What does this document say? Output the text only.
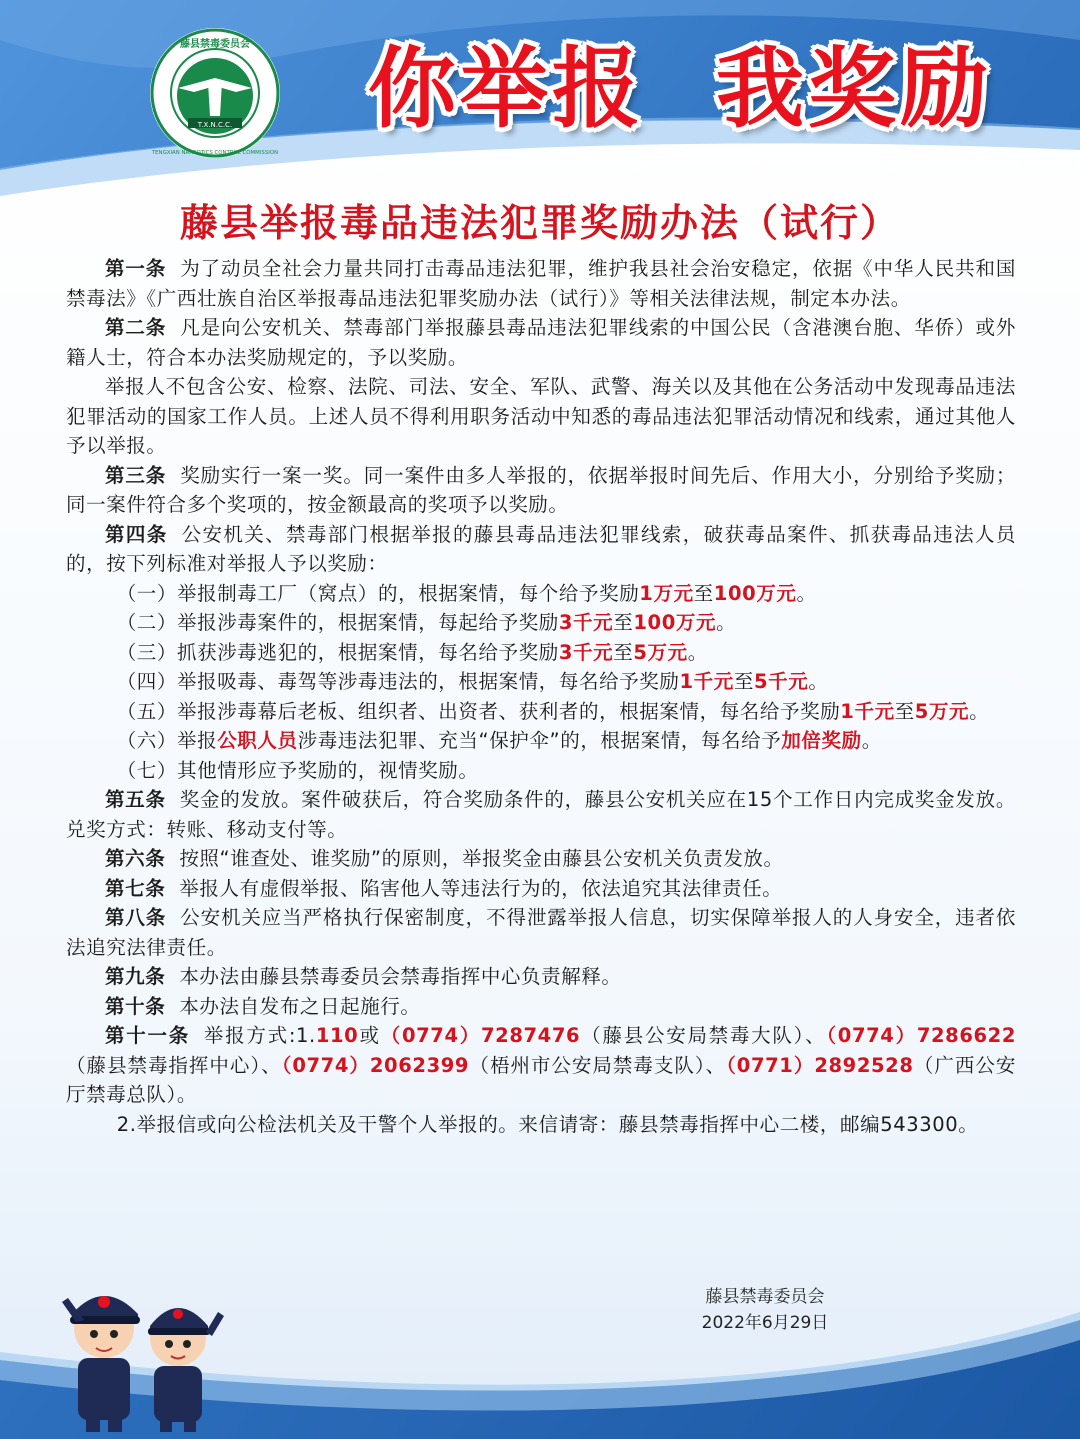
T.X.N.C.C.
藤县禁毒委员会
TENGXIAN NARCOTICS CONTROL COMMISSION
你举报 我奖励
藤县举报毒品违法犯罪奖励办法（试行）

第一条 为了动员全社会力量共同打击毒品违法犯罪，维护我县社会治安稳定，依据《中华人民共和国禁毒法》《广西壮族自治区举报毒品违法犯罪奖励办法（试行）》等相关法律法规，制定本办法。

第二条 凡是向公安机关、禁毒部门举报藤县毒品违法犯罪线索的中国公民（含港澳台胞、华侨）或外籍人士，符合本办法奖励规定的，予以奖励。

举报人不包含公安、检察、法院、司法、安全、军队、武警、海关以及其他在公务活动中发现毒品违法犯罪活动的国家工作人员。上述人员不得利用职务活动中知悉的毒品违法犯罪活动情况和线索，通过其他人予以举报。

第三条 奖励实行一案一奖。同一案件由多人举报的，依据举报时间先后、作用大小，分别给予奖励；同一案件符合多个奖项的，按金额最高的奖项予以奖励。

第四条 公安机关、禁毒部门根据举报的藤县毒品违法犯罪线索，破获毒品案件、抓获毒品违法人员的，按下列标准对举报人予以奖励：

（一）举报制毒工厂（窝点）的，根据案情，每个给予奖励1万元至100万元。

（二）举报涉毒案件的，根据案情，每起给予奖励3千元至100万元。

（三）抓获涉毒逃犯的，根据案情，每名给予奖励3千元至5万元。

（四）举报吸毒、毒驾等涉毒违法的，根据案情，每名给予奖励1千元至5千元。

（五）举报涉毒幕后老板、组织者、出资者、获利者的，根据案情，每名给予奖励1千元至5万元。

（六）举报公职人员涉毒违法犯罪、充当“保护伞”的，根据案情，每名给予加倍奖励。

（七）其他情形应予奖励的，视情奖励。

第五条 奖金的发放。案件破获后，符合奖励条件的，藤县公安机关应在15个工作日内完成奖金发放。兑奖方式：转账、移动支付等。

第六条 按照“谁查处、谁奖励”的原则，举报奖金由藤县公安机关负责发放。

第七条 举报人有虚假举报、陷害他人等违法行为的，依法追究其法律责任。

第八条 公安机关应当严格执行保密制度，不得泄露举报人信息，切实保障举报人的人身安全，违者依法追究法律责任。

第九条 本办法由藤县禁毒委员会禁毒指挥中心负责解释。

第十条 本办法自发布之日起施行。

第十一条 举报方式:1.110或（0774）7287476（藤县公安局禁毒大队）、（0774）7286622（藤县禁毒指挥中心）、（0774）2062399（梧州市公安局禁毒支队）、（0771）2892528（广西公安厅禁毒总队）。

2.举报信或向公检法机关及干警个人举报的。来信请寄：藤县禁毒指挥中心二楼，邮编543300。

藤县禁毒委员会
2022年6月29日
